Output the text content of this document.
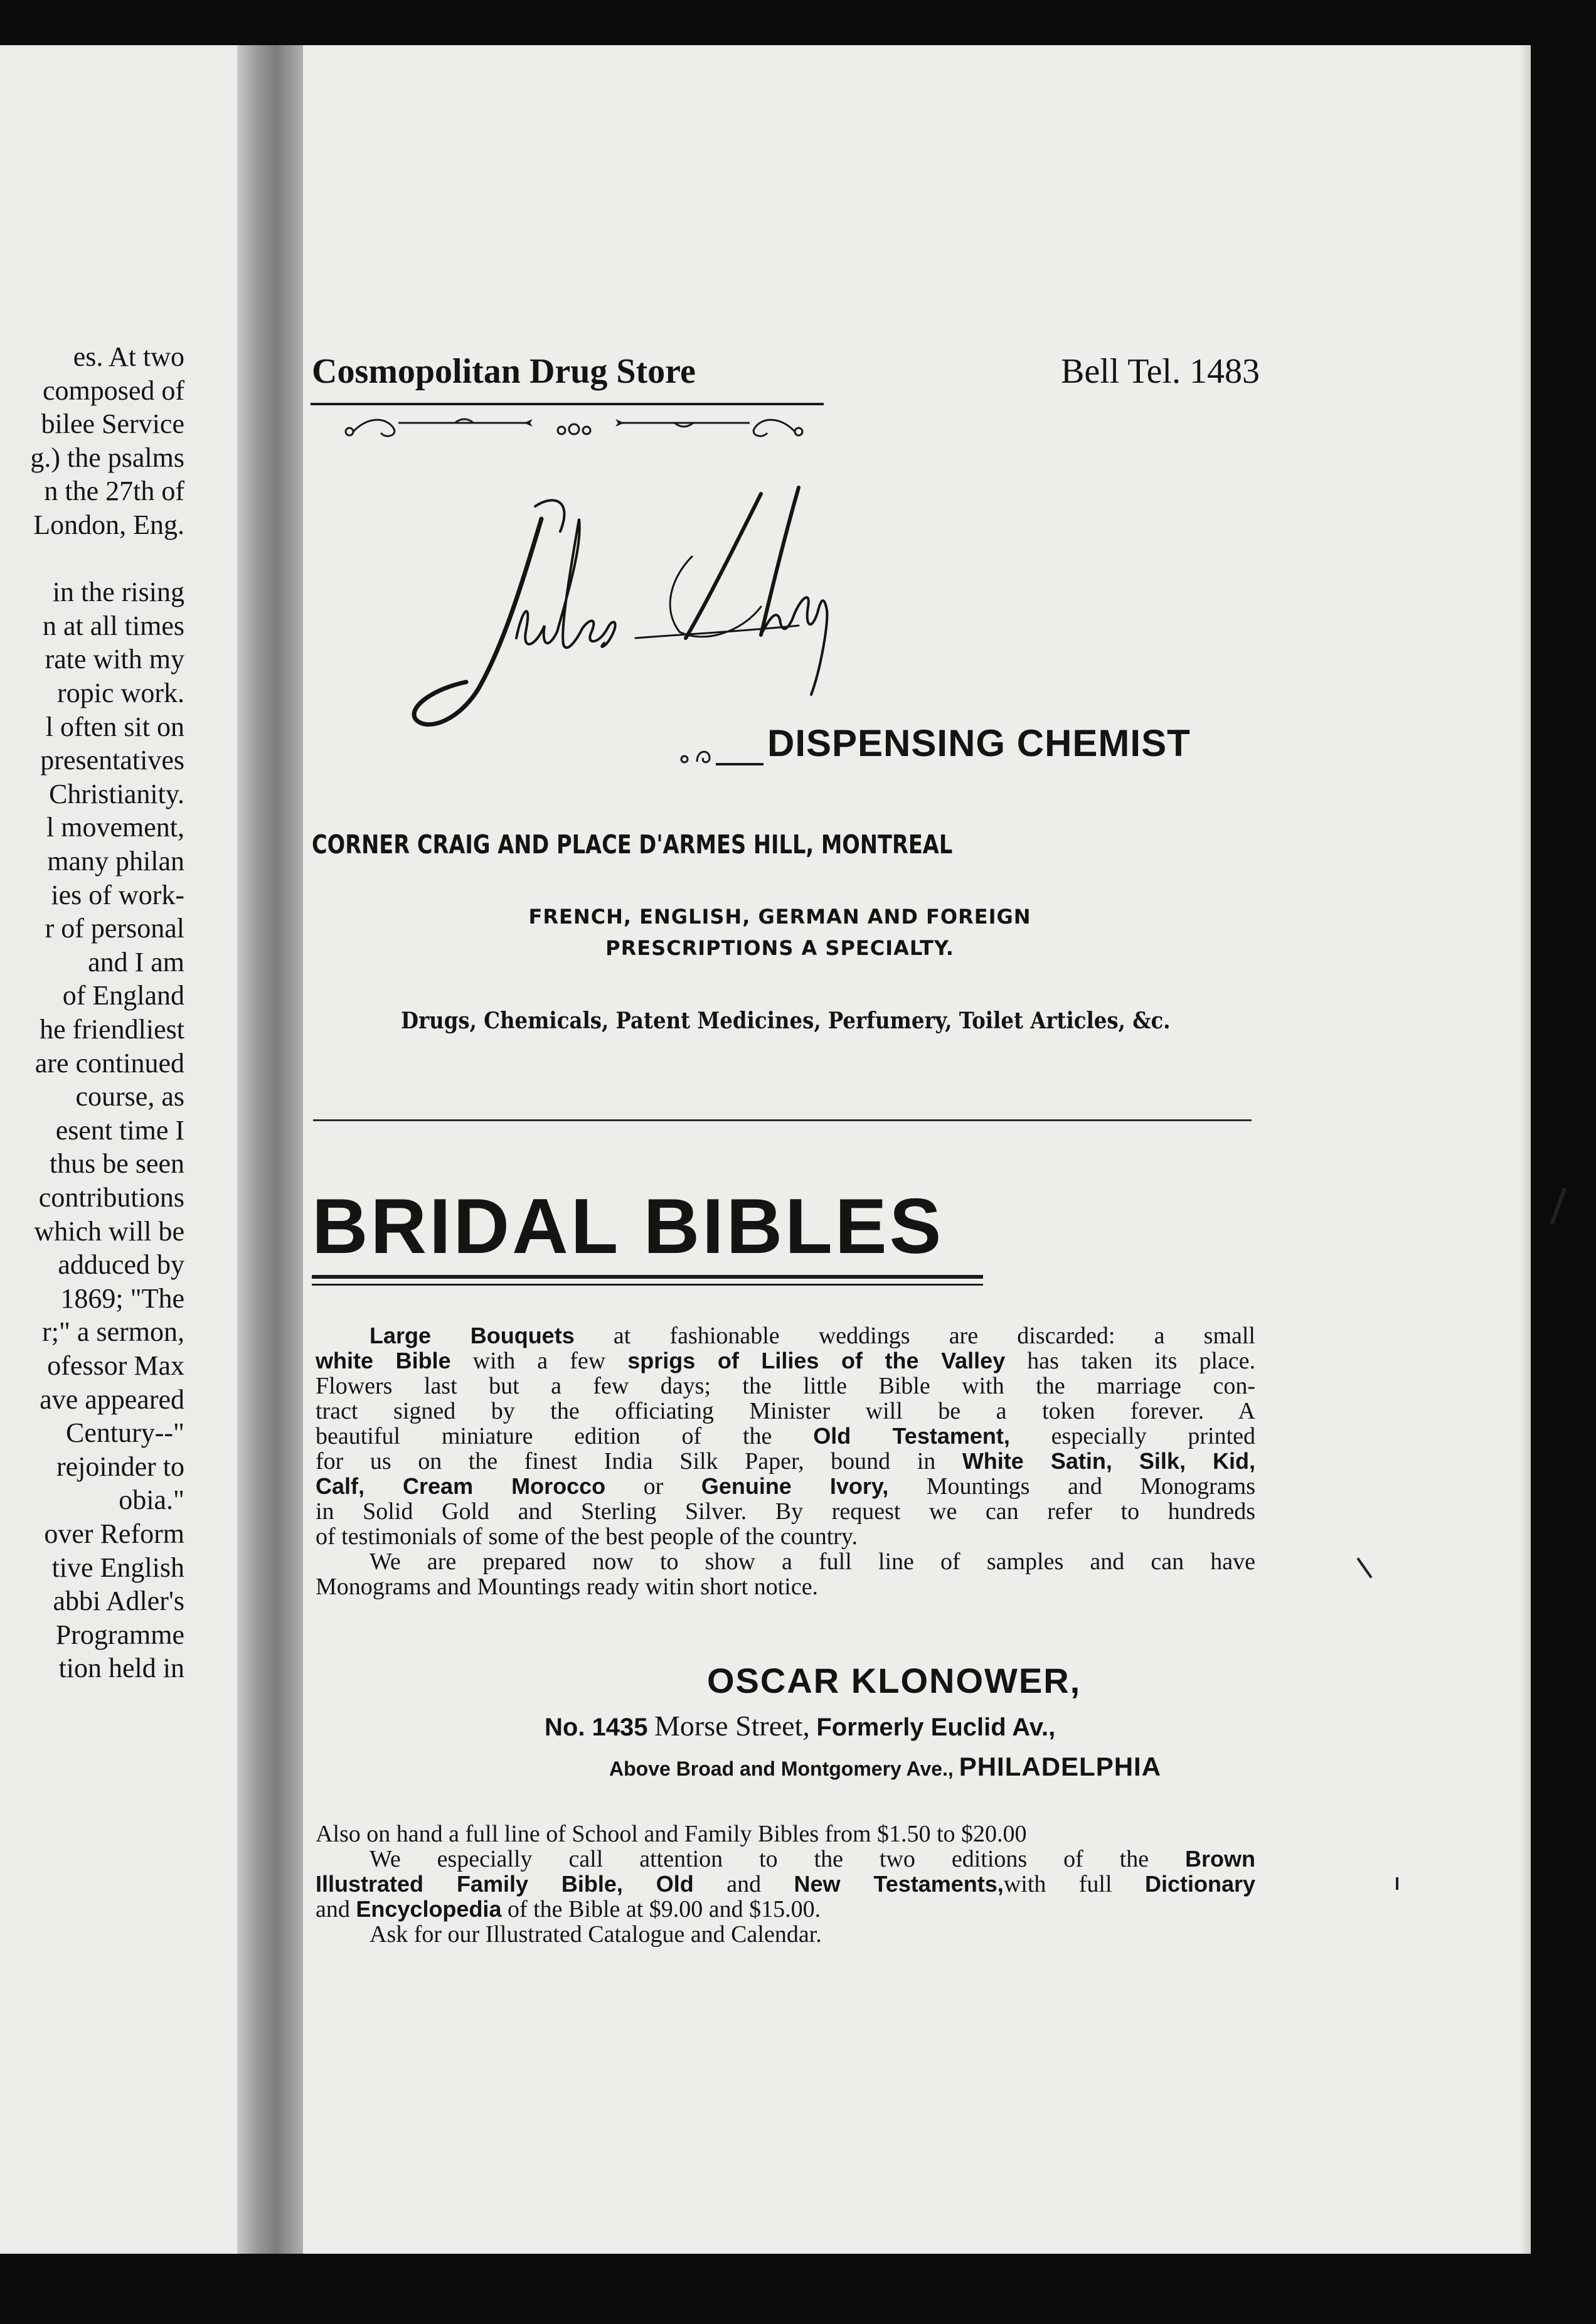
es. At two
composed of
bilee Service
g.) the psalms
n the 27th of
London, Eng.
in the rising
n at all times
rate with my
ropic work.
l often sit on
presentatives
Christianity.
l movement,
many philan
ies of work-
r of personal
and I am
of England
he friendliest
are continued
course, as
esent time I
thus be seen
contributions
which will be
adduced by
1869; "The
r;" a sermon,
ofessor Max
ave appeared
Century--"
rejoinder to
obia."
over Reform
tive English
abbi Adler's
Programme
tion held in
Cosmopolitan Drug Store	Bell Tel. 1483
DISPENSING CHEMIST
CORNER CRAIG AND PLACE D'ARMES HILL, MONTREAL
FRENCH, ENGLISH, GERMAN AND FOREIGN
PRESCRIPTIONS A SPECIALTY.
Drugs, Chemicals, Patent Medicines, Perfumery, Toilet Articles, &c.
BRIDAL BIBLES
Large Bouquets at fashionable weddings are discarded: a small
white Bible with a few sprigs of Lilies of the Valley has taken its place.
Flowers last but a few days; the little Bible with the marriage con-
tract signed by the officiating Minister will be a token forever. A
beautiful miniature edition of the Old Testament, especially printed
for us on the finest India Silk Paper, bound in White Satin, Silk, Kid,
Calf, Cream Morocco or Genuine Ivory, Mountings and Monograms
in Solid Gold and Sterling Silver. By request we can refer to hundreds
of testimonials of some of the best people of the country.
We are prepared now to show a full line of samples and can have
Monograms and Mountings ready witin short notice.
OSCAR KLONOWER,
No. 1435 Morse Street, Formerly Euclid Av.,
Above Broad and Montgomery Ave., PHILADELPHIA
Also on hand a full line of School and Family Bibles from $1.50 to $20.00
We especially call attention to the two editions of the Brown
Illustrated Family Bible, Old and New Testaments,with full Dictionary
and Encyclopedia of the Bible at $9.00 and $15.00.
Ask for our Illustrated Catalogue and Calendar.
